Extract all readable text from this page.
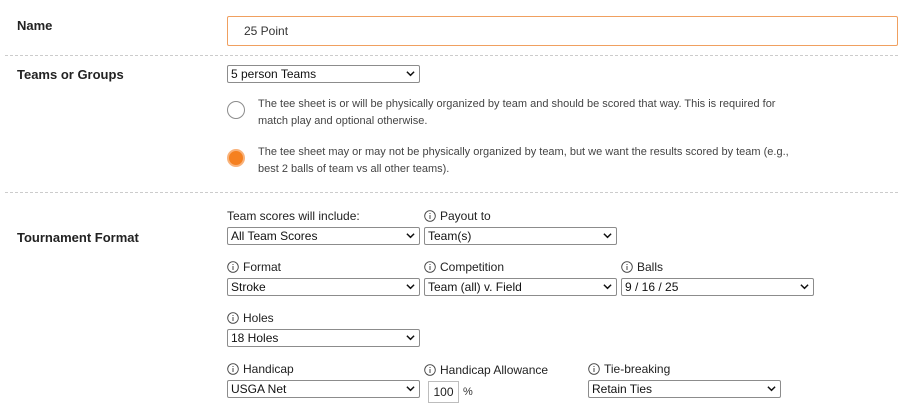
Name
25 Point
Teams or Groups	5 person Teams
The tee sheet is or will be physically organized by team and should be scored that way. This is required for match play and optional otherwise.
The tee sheet may or may not be physically organized by team, but we want the results scored by team (e.g., best 2 balls of team vs all other teams).
Tournament Format
Team scores will include:
All Team Scores
Payout to
Team(s)
Format
Stroke
Competition
Team (all) v. Field
Balls
9 / 16 / 25
Holes
18 Holes
Handicap
USGA Net
Handicap Allowance
100 %
Tie-breaking
Retain Ties
